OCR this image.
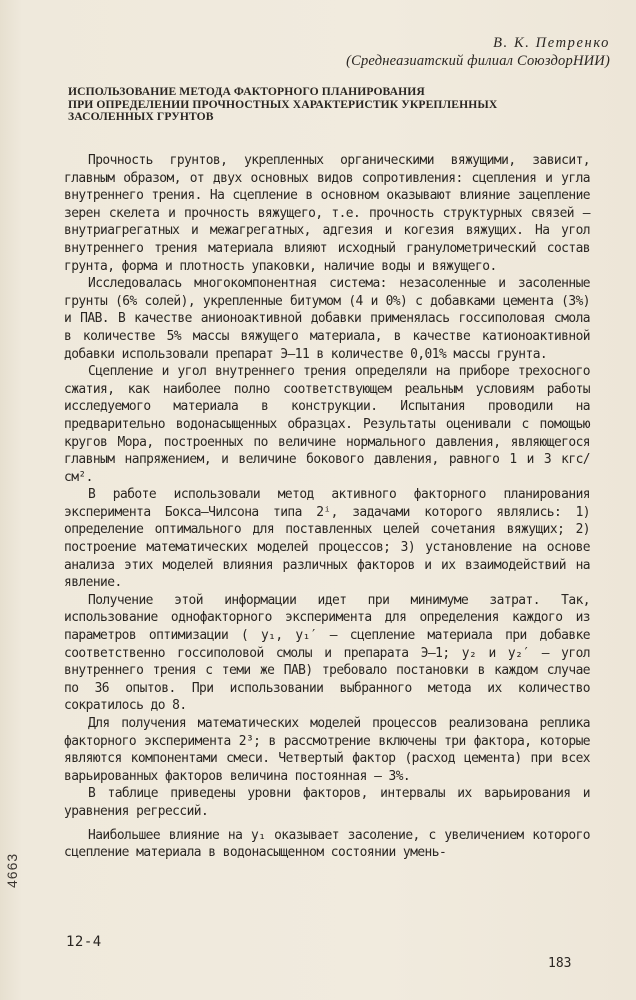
В. К. Петренко
(Среднеазиатский филиал СоюздорНИИ)
ИСПОЛЬЗОВАНИЕ МЕТОДА ФАКТОРНОГО ПЛАНИРОВАНИЯ
ПРИ ОПРЕДЕЛЕНИИ ПРОЧНОСТНЫХ ХАРАКТЕРИСТИК УКРЕПЛЕННЫХ
ЗАСОЛЕННЫХ ГРУНТОВ

Прочность грунтов, укрепленных органическими вяжущими, зависит, главным образом, от двух основных видов сопротивления: сцепления и угла внутреннего трения. На сцепление в основном оказывают влияние зацепление зерен скелета и прочность вяжущего, т.е. прочность структурных связей – внутриагрегатных и межагрегатных, адгезия и когезия вяжущих. На угол внутреннего трения материала влияют исходный гранулометрический состав грунта, форма и плотность упаковки, наличие воды и вяжущего.

Исследовалась многокомпонентная система: незасоленные и засоленные грунты (6% солей), укрепленные битумом (4 и 0%) с добавками цемента (3%) и ПАВ. В качестве анионоактивной добавки применялась госсиполовая смола в количестве 5% массы вяжущего материала, в качестве катионоактивной добавки использовали препарат Э–11 в количестве 0,01% массы грунта.

Сцепление и угол внутреннего трения определяли на приборе трехосного сжатия, как наиболее полно соответствующем реальным условиям работы исследуемого материала в конструкции. Испытания проводили на предварительно водонасыщенных образцах. Результаты оценивали с помощью кругов Мора, построенных по величине нормального давления, являющегося главным напряжением, и величине бокового давления, равного 1 и 3 кгс/см².

В работе использовали метод активного факторного планирования эксперимента Бокса–Чилсона типа 2ⁱ, задачами которого являлись: 1) определение оптимального для поставленных целей сочетания вяжущих; 2) построение математических моделей процессов; 3) установление на основе анализа этих моделей влияния различных факторов и их взаимодействий на явление.

Получение этой информации идет при минимуме затрат. Так, использование однофакторного эксперимента для определения каждого из параметров оптимизации ( y₁, y₁′ – сцепление материала при добавке соответственно госсиполовой смолы и препарата Э–1; y₂ и y₂′ – угол внутреннего трения с теми же ПАВ) требовало постановки в каждом случае по 36 опытов. При использовании выбранного метода их количество сократилось до 8.

Для получения математических моделей процессов реализована реплика факторного эксперимента 2³; в рассмотрение включены три фактора, которые являются компонентами смеси. Четвертый фактор (расход цемента) при всех варьированных факторов величина постоянная – 3%.

В таблице приведены уровни факторов, интервалы их варьирования и уравнения регрессий.

Наибольшее влияние на y₁ оказывает засоление, с увеличением которого сцепление материала в водонасыщенном состоянии умень-

4663
12-4
183
